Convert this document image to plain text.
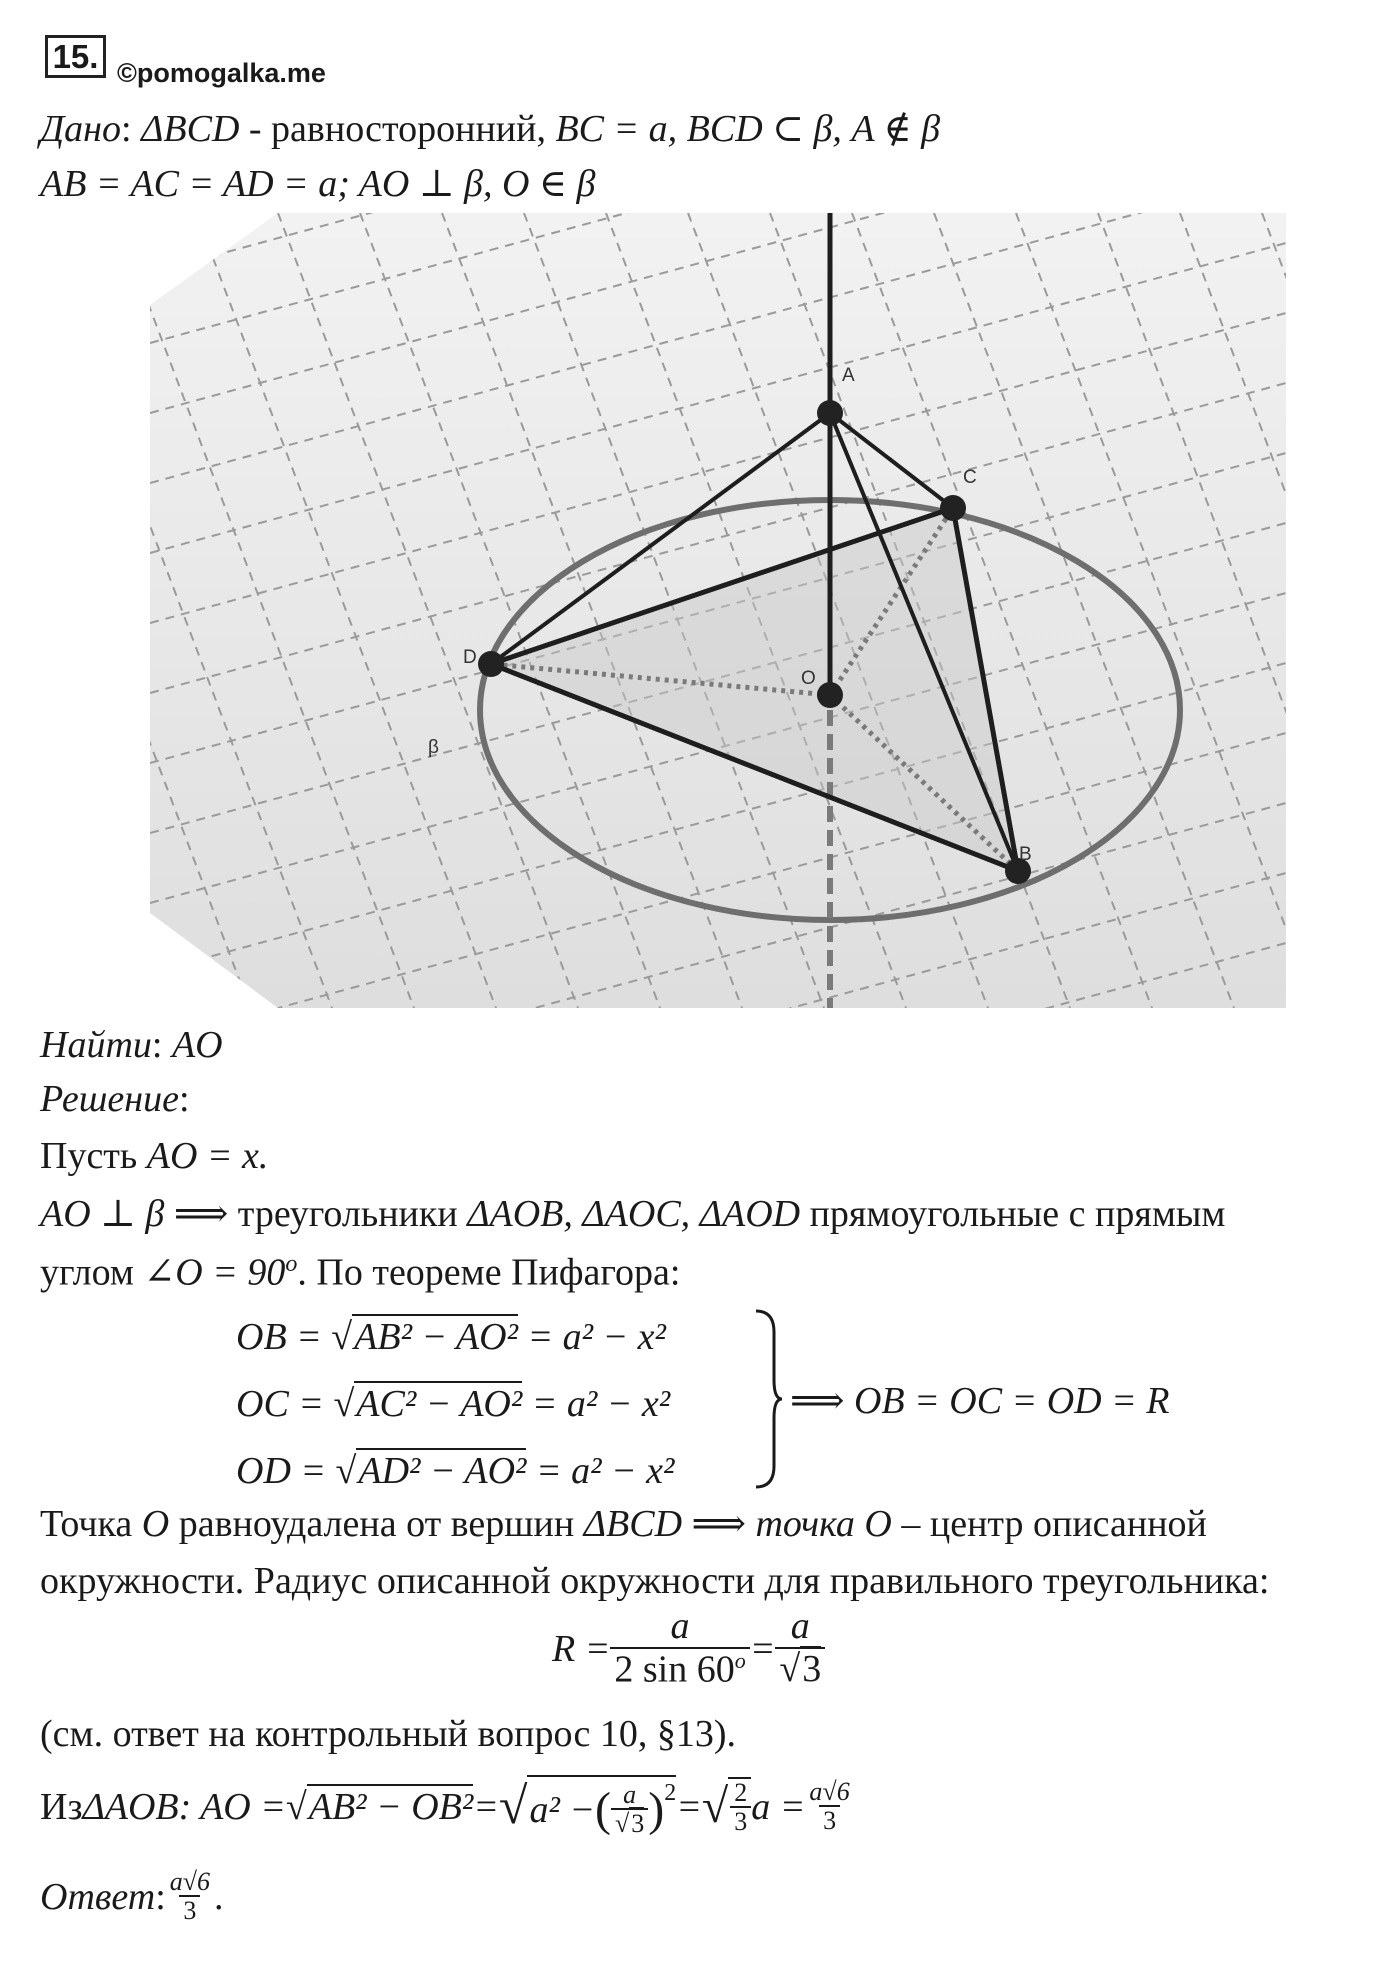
15. ©pomogalka.me
Дано: ΔBCD - равносторонний, BC = a, BCD ⊂ β, A ∉ β
AB = AC = AD = a; AO ⊥ β, O ∈ β
A
C
D
O
B
β
Найти: AO
Решение:
Пусть AO = x.
AO ⊥ β ⟹ треугольники ΔAOB, ΔAOC, ΔAOD прямоугольные с прямым
углом ∠O = $90^o$. По теореме Пифагора:
OB = √AB² − AO² = a² − x²
OC = √AC² − AO² = a² − x²
OD = √AD² − AO² = a² − x²
⟹ OB = OC = OD = R
Точка O равноудалена от вершин ΔBCD ⟹ точка O – центр описанной
окружности. Радиус описанной окружности для правильного треугольника:
$R = \frac{a}{2 \sin 60^o} = \frac{a}{√3}$
(см. ответ на контрольный вопрос 10, §13).
Из ΔAOB: AO = √AB² − OB² = √ a² − ( $\frac{a}{√3} )^2$ = √ $\frac{2}{3}$ $a = \frac{a√6}{3}$
Ответ : $\frac{a√6}{3}$ .
